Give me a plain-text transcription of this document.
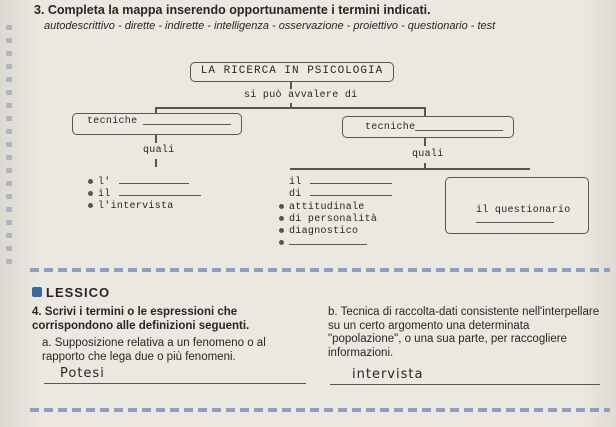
3. Completa la mappa inserendo opportunamente i termini indicati.
autodescrittivo - dirette - indirette - intelligenza - osservazione - proiettivo - questionario - test
LA RICERCA IN PSICOLOGIA
si può avvalere di
tecniche
tecniche
quali	quali
l'
il
l'intervista
il
di
attitudinale
di personalità
diagnostico
il questionario
LESSICO
4. Scrivi i termini o le espressioni che corrispondono alle definizioni seguenti.
a. Supposizione relativa a un fenomeno o al rapporto che lega due o più fenomeni.
Potesi
b. Tecnica di raccolta-dati consistente nell'interpellare su un certo argomento una determinata "popolazione", o una sua parte, per raccogliere informazioni.
intervista
